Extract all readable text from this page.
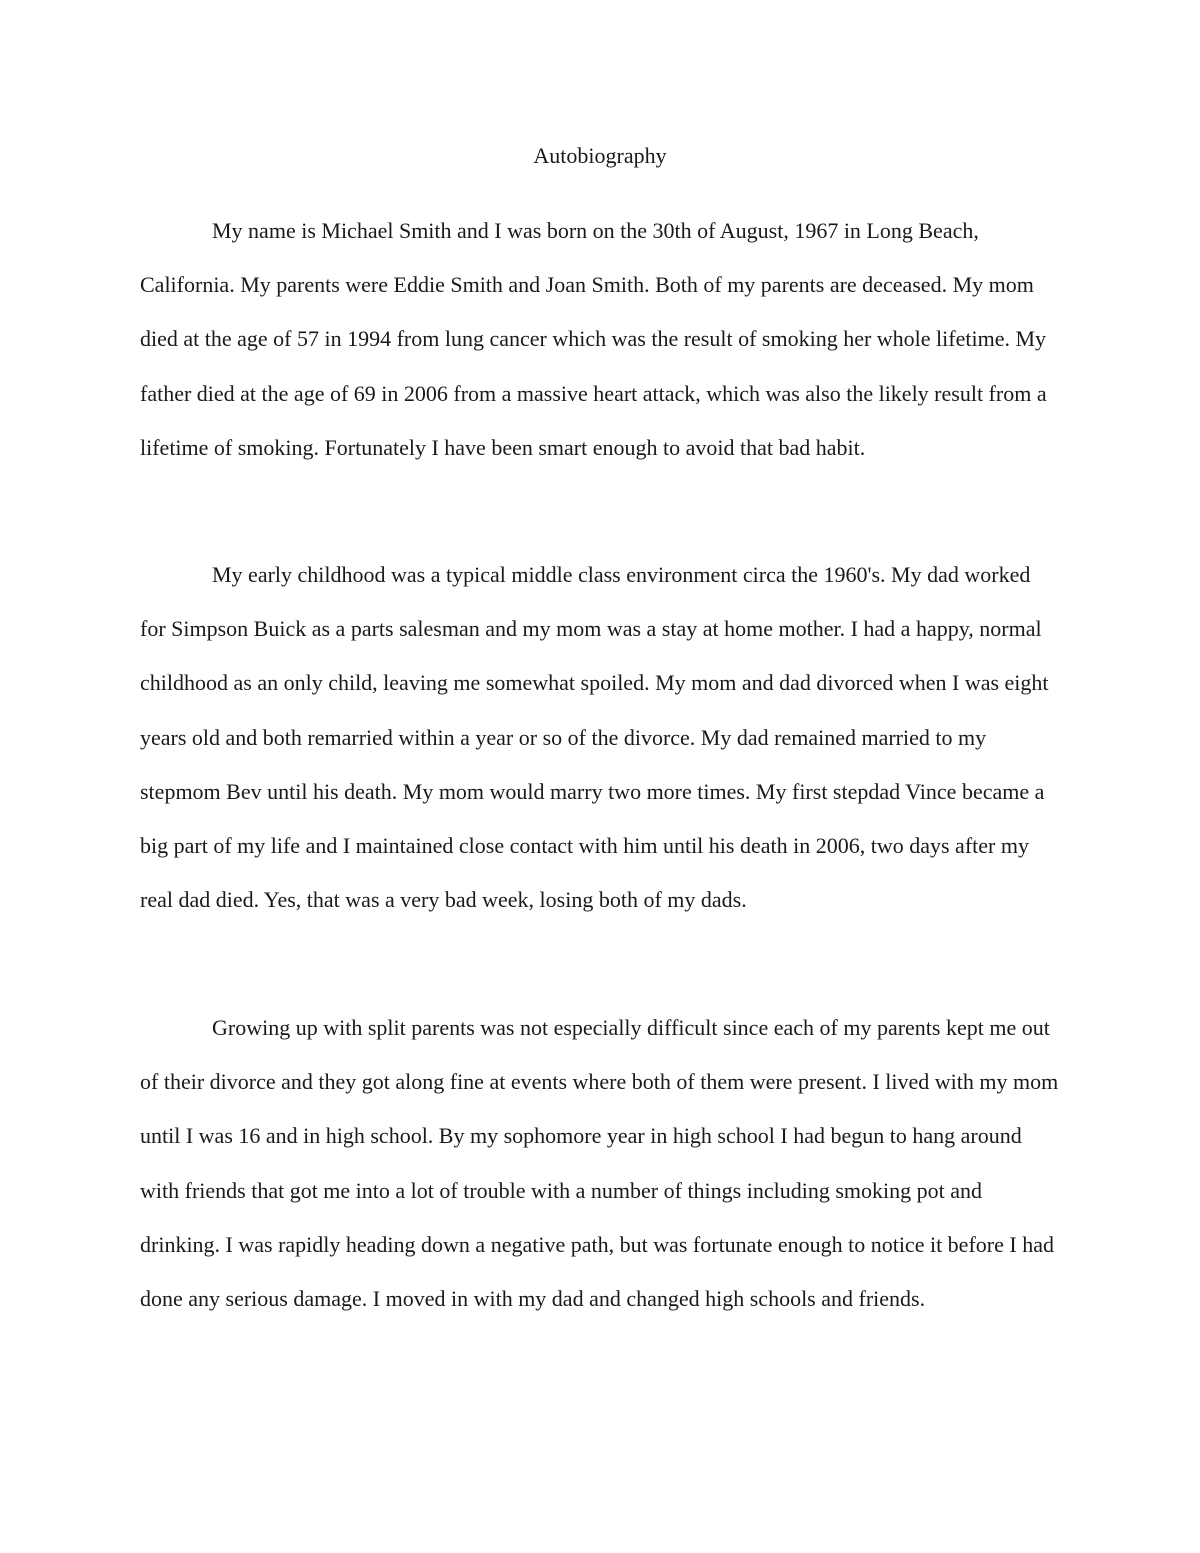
Autobiography

My name is Michael Smith and I was born on the 30th of August, 1967 in Long Beach, California. My parents were Eddie Smith and Joan Smith. Both of my parents are deceased. My mom died at the age of 57 in 1994 from lung cancer which was the result of smoking her whole lifetime. My father died at the age of 69 in 2006 from a massive heart attack, which was also the likely result from a lifetime of smoking. Fortunately I have been smart enough to avoid that bad habit.

My early childhood was a typical middle class environment circa the 1960's. My dad worked for Simpson Buick as a parts salesman and my mom was a stay at home mother. I had a happy, normal childhood as an only child, leaving me somewhat spoiled. My mom and dad divorced when I was eight years old and both remarried within a year or so of the divorce. My dad remained married to my stepmom Bev until his death. My mom would marry two more times. My first stepdad Vince became a big part of my life and I maintained close contact with him until his death in 2006, two days after my real dad died. Yes, that was a very bad week, losing both of my dads.

Growing up with split parents was not especially difficult since each of my parents kept me out of their divorce and they got along fine at events where both of them were present. I lived with my mom until I was 16 and in high school. By my sophomore year in high school I had begun to hang around with friends that got me into a lot of trouble with a number of things including smoking pot and drinking. I was rapidly heading down a negative path, but was fortunate enough to notice it before I had done any serious damage. I moved in with my dad and changed high schools and friends.
